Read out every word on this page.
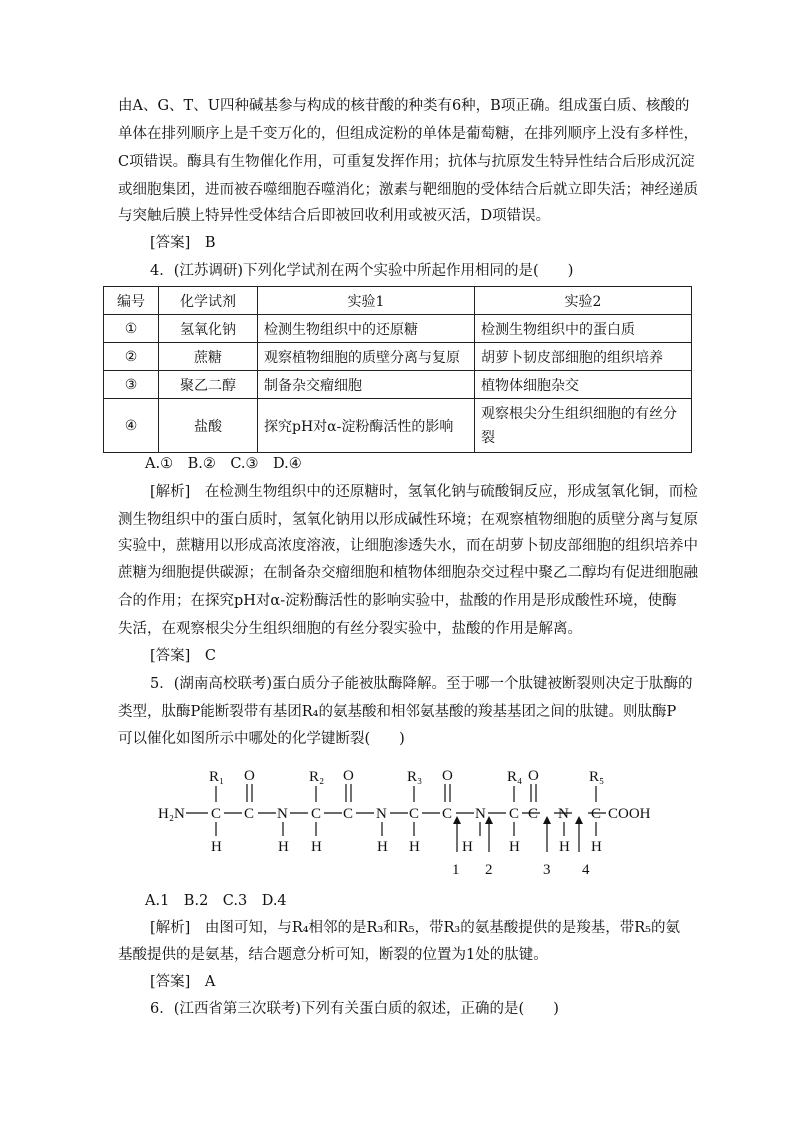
由A、G、T、U四种碱基参与构成的核苷酸的种类有6种，B项正确。组成蛋白质、核酸的
单体在排列顺序上是千变万化的，但组成淀粉的单体是葡萄糖，在排列顺序上没有多样性，
C项错误。酶具有生物催化作用，可重复发挥作用；抗体与抗原发生特异性结合后形成沉淀
或细胞集团，进而被吞噬细胞吞噬消化；激素与靶细胞的受体结合后就立即失活；神经递质
与突触后膜上特异性受体结合后即被回收利用或被灭活，D项错误。
[答案]　B
4．(江苏调研)下列化学试剂在两个实验中所起作用相同的是(　　)
编号	化学试剂	实验1	实验2
①	氢氧化钠	检测生物组织中的还原糖	检测生物组织中的蛋白质
②	蔗糖	观察植物细胞的质壁分离与复原	胡萝卜韧皮部细胞的组织培养
③	聚乙二醇	制备杂交瘤细胞	植物体细胞杂交
④	盐酸	探究pH对α-淀粉酶活性的影响	观察根尖分生组织细胞的有丝分裂
A.①　B.②　C.③　D.④
[解析]　在检测生物组织中的还原糖时，氢氧化钠与硫酸铜反应，形成氢氧化铜，而检
测生物组织中的蛋白质时，氢氧化钠用以形成碱性环境；在观察植物细胞的质壁分离与复原
实验中，蔗糖用以形成高浓度溶液，让细胞渗透失水，而在胡萝卜韧皮部细胞的组织培养中
蔗糖为细胞提供碳源；在制备杂交瘤细胞和植物体细胞杂交过程中聚乙二醇均有促进细胞融
合的作用；在探究pH对α-淀粉酶活性的影响实验中，盐酸的作用是形成酸性环境，使酶
失活，在观察根尖分生组织细胞的有丝分裂实验中，盐酸的作用是解离。
[答案]　C
5．(湖南高校联考)蛋白质分子能被肽酶降解。至于哪一个肽键被断裂则决定于肽酶的
类型，肽酶P能断裂带有基团R₄的氨基酸和相邻氨基酸的羧基基团之间的肽键。则肽酶P
可以催化如图所示中哪处的化学键断裂(　　)
H₂N C C N C C N C C N C C N C COOH
O	O	O	O
R₁	R₂	R₃	R₄	R₅
H	H	H	H	H
H	H	H	H
1 2	3 4
A.1　B.2　C.3　D.4
[解析]　由图可知，与R₄相邻的是R₃和R₅，带R₃的氨基酸提供的是羧基，带R₅的氨
基酸提供的是氨基，结合题意分析可知，断裂的位置为1处的肽键。
[答案]　A
6．(江西省第三次联考)下列有关蛋白质的叙述，正确的是(　　)
